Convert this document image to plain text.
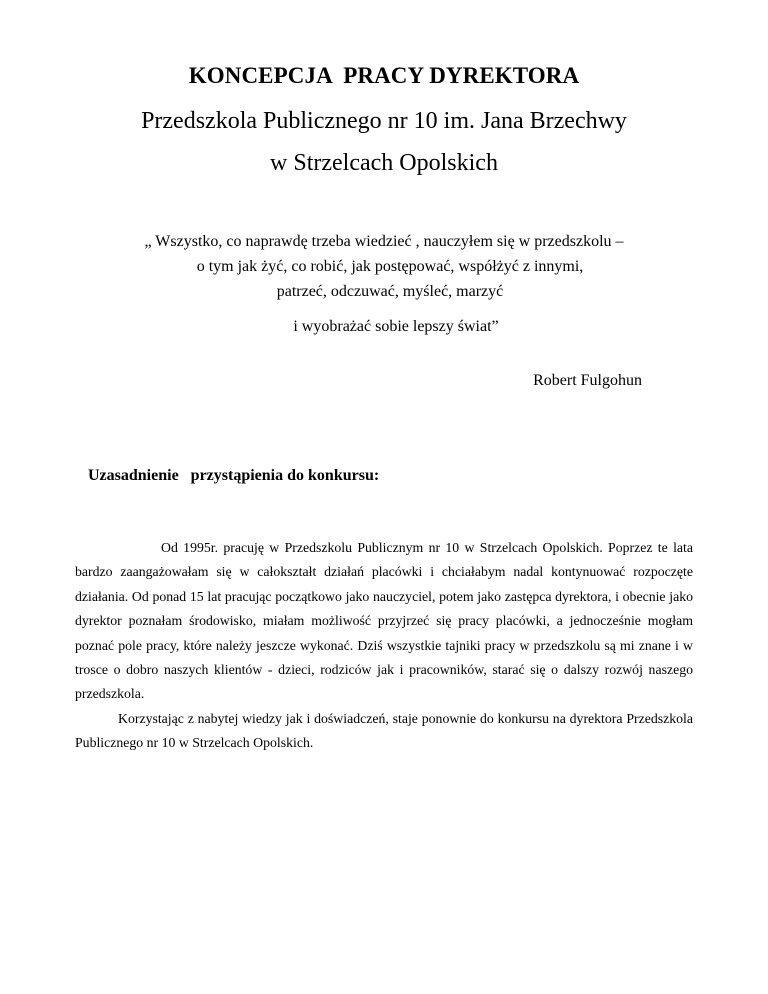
KONCEPCJA  PRACY DYREKTORA
Przedszkola Publicznego nr 10 im. Jana Brzechwy
w Strzelcach Opolskich
„ Wszystko, co naprawdę trzeba wiedzieć , nauczyłem się w przedszkolu –
o tym jak żyć, co robić, jak postępować, współżyć z innymi,
patrzeć, odczuwać, myśleć, marzyć
i wyobrażać sobie lepszy świat”
Robert Fulgohun
Uzasadnienie   przystąpienia do konkursu:

Od 1995r. pracuję w Przedszkolu Publicznym nr 10 w Strzelcach Opolskich. Poprzez te lata bardzo zaangażowałam się w całokształt działań placówki i chciałabym nadal kontynuować rozpoczęte działania. Od ponad 15 lat pracując początkowo jako nauczyciel, potem jako zastępca dyrektora, i obecnie jako dyrektor poznałam środowisko, miałam możliwość przyjrzeć się pracy placówki, a jednocześnie mogłam poznać pole pracy, które należy jeszcze wykonać. Dziś wszystkie tajniki pracy w przedszkolu są mi znane i w trosce o dobro naszych klientów - dzieci, rodziców jak i pracowników, starać się o dalszy rozwój naszego przedszkola.

Korzystając z nabytej wiedzy jak i doświadczeń, staje ponownie do konkursu na dyrektora Przedszkola Publicznego nr 10 w Strzelcach Opolskich.
